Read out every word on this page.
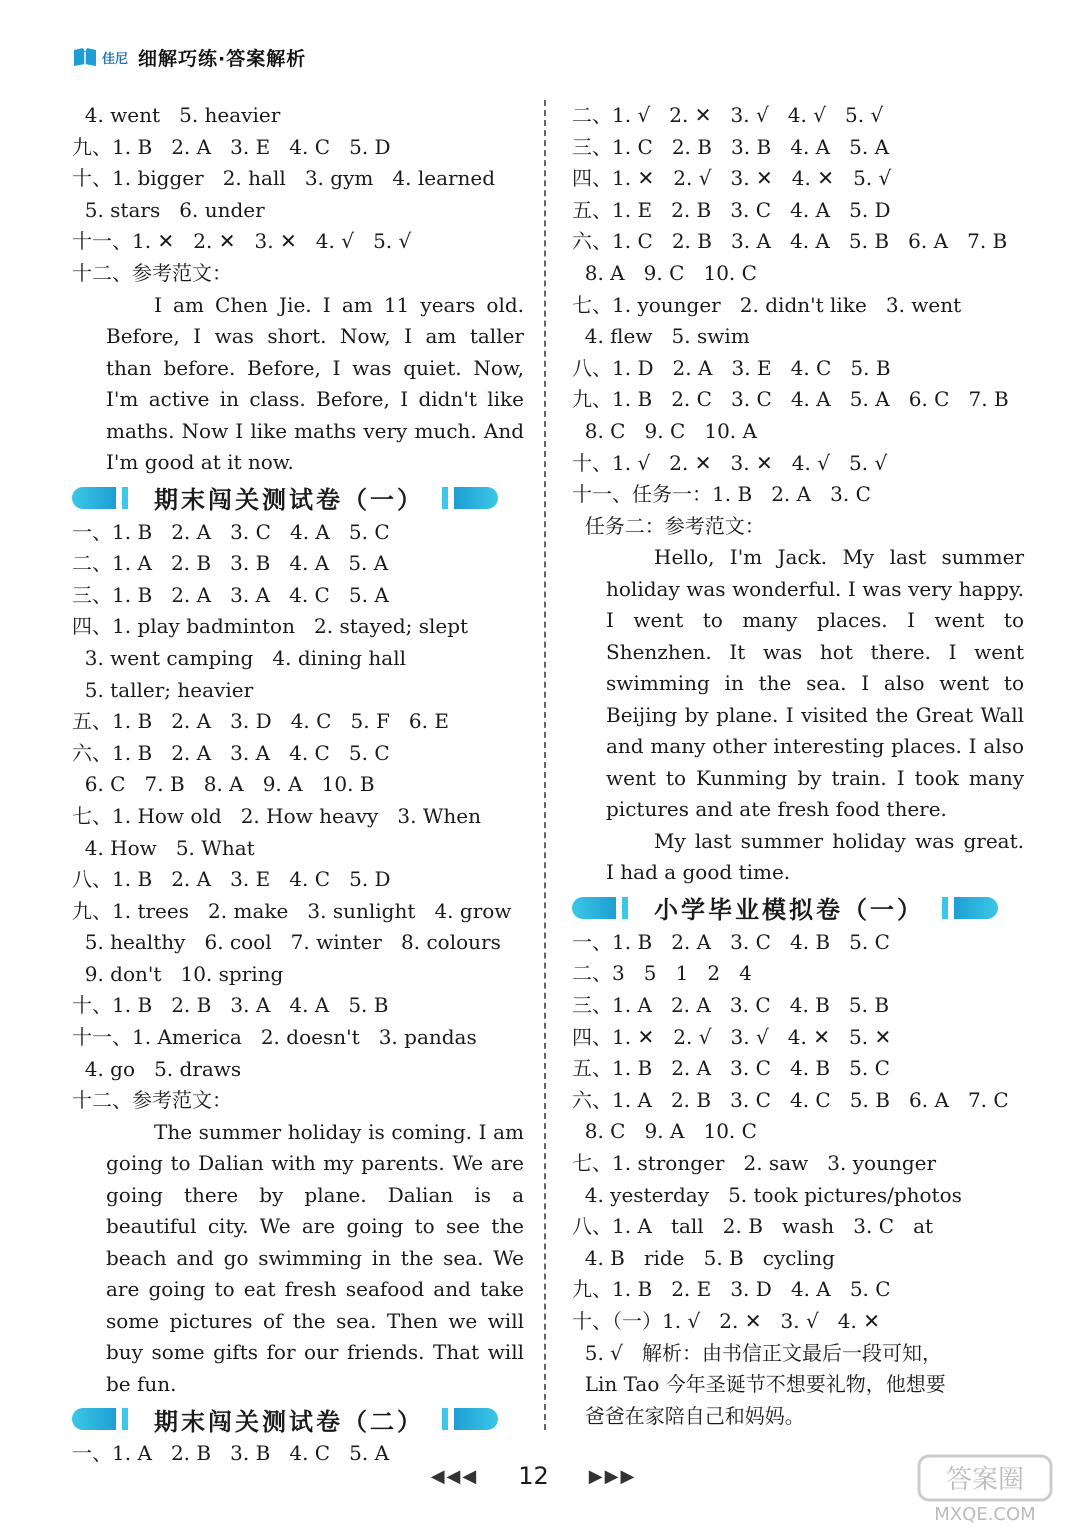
佳尼 细解巧练·答案解析
4. went   5. heavier
九、1. B   2. A   3. E   4. C   5. D
十、1. bigger   2. hall   3. gym   4. learned
5. stars   6. under
十一、1. ✕   2. ✕   3. ✕   4. √   5. √
十二、参考范文：

I am Chen Jie. I am 11 years old. Before, I was short. Now, I am taller than before. Before, I was quiet. Now, I'm active in class. Before, I didn't like maths. Now I like maths very much. And I'm good at it now.

期末闯关测试卷（一）
一、1. B   2. A   3. C   4. A   5. C
二、1. A   2. B   3. B   4. A   5. A
三、1. B   2. A   3. A   4. C   5. A
四、1. play badminton   2. stayed; slept
3. went camping   4. dining hall
5. taller; heavier
五、1. B   2. A   3. D   4. C   5. F   6. E
六、1. B   2. A   3. A   4. C   5. C
6. C   7. B   8. A   9. A   10. B
七、1. How old   2. How heavy   3. When
4. How   5. What
八、1. B   2. A   3. E   4. C   5. D
九、1. trees   2. make   3. sunlight   4. grow
5. healthy   6. cool   7. winter   8. colours
9. don't   10. spring
十、1. B   2. B   3. A   4. A   5. B
十一、1. America   2. doesn't   3. pandas
4. go   5. draws
十二、参考范文：

The summer holiday is coming. I am going to Dalian with my parents. We are going there by plane. Dalian is a beautiful city. We are going to see the beach and go swimming in the sea. We are going to eat fresh seafood and take some pictures of the sea. Then we will buy some gifts for our friends. That will be fun.

期末闯关测试卷（二）
一、1. A   2. B   3. B   4. C   5. A
二、1. √   2. ✕   3. √   4. √   5. √
三、1. C   2. B   3. B   4. A   5. A
四、1. ✕   2. √   3. ✕   4. ✕   5. √
五、1. E   2. B   3. C   4. A   5. D
六、1. C   2. B   3. A   4. A   5. B   6. A   7. B
8. A   9. C   10. C
七、1. younger   2. didn't like   3. went
4. flew   5. swim
八、1. D   2. A   3. E   4. C   5. B
九、1. B   2. C   3. C   4. A   5. A   6. C   7. B
8. C   9. C   10. A
十、1. √   2. ✕   3. ✕   4. √   5. √
十一、任务一：1. B   2. A   3. C
任务二：参考范文：

Hello, I'm Jack. My last summer holiday was wonderful. I was very happy. I went to many places. I went to Shenzhen. It was hot there. I went swimming in the sea. I also went to Beijing by plane. I visited the Great Wall and many other interesting places. I also went to Kunming by train. I took many pictures and ate fresh food there.

My last summer holiday was great. I had a good time.

小学毕业模拟卷（一）
一、1. B   2. A   3. C   4. B   5. C
二、3   5   1   2   4
三、1. A   2. A   3. C   4. B   5. B
四、1. ✕   2. √   3. √   4. ✕   5. ✕
五、1. B   2. A   3. C   4. B   5. C
六、1. A   2. B   3. C   4. C   5. B   6. A   7. C
8. C   9. A   10. C
七、1. stronger   2. saw   3. younger
4. yesterday   5. took pictures/photos
八、1. A   tall   2. B   wash   3. C   at
4. B   ride   5. B   cycling
九、1. B   2. E   3. D   4. A   5. C
十、（一）1. √   2. ✕   3. √   4. ✕
5. √   解析：由书信正文最后一段可知，
Lin Tao 今年圣诞节不想要礼物，他想要
爸爸在家陪自己和妈妈。
◀◀◀ 12 ▶▶▶	答案圈
MXQE.COM
